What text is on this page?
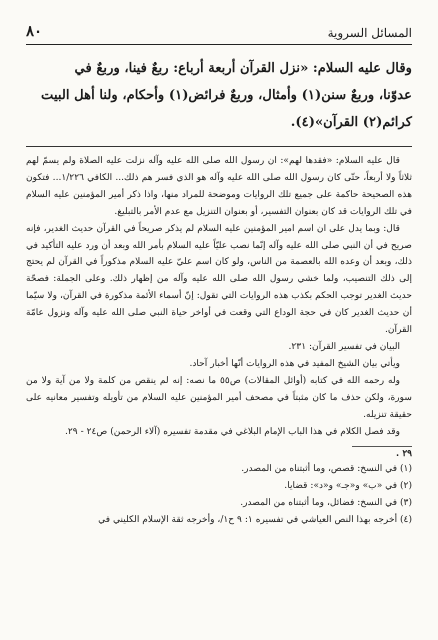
المسائل السروية
٨٠
وقال عليه السلام: «نزل القرآن أربعة أرباع: ربعٌ فينا، وربعٌ في
عدوّنا، وربعٌ سنن(١) وأمثال، وربعٌ فرائض(١) وأحكام، ولنا أهل البيت
كرائم(٢) القرآن»(٤).

قال عليه السلام: «فقدها لهم»: ان رسول الله صلى الله عليه وآله نزلت عليه الصلاة ولم يسمّ لهم ثلاثاً ولا أربعاً، حتّى كان رسول الله صلى الله عليه وآله هو الذي فسر هم ذلك... الكافي ١/٢٢٦... فتكون هذه الصحيحة حاكمة على جميع تلك الروايات وموضحة للمراد منها، واذا ذكر أمير المؤمنين عليه السلام في تلك الروايات قد كان بعنوان التفسير، أو بعنوان التنزيل مع عدم الأمر بالتبليغ.

قال: وبما يدل على ان اسم امير المؤمنين عليه السلام لم يذكر صريحاً في القرآن حديث الغدير، فإنه صريح في أن النبي صلى الله عليه وآله إنّما نصب عليّاً عليه السلام بأمر الله وبعد أن ورد عليه التأكيد في ذلك، وبعد أن وعده الله بالعصمة من الناس، ولو كان اسم عليّ عليه السلام مذكوراً في القرآن لم يحتج إلى ذلك التنصيب، ولما خشي رسول الله صلى الله عليه وآله من إظهار ذلك. وعلى الجملة: فصحّة حديث الغدير توجب الحكم بكذب هذه الروايات التي تقول: إنّ أسماء الأئمة مذكورة في القرآن، ولا سيّما أن حديث الغدير كان في حجة الوداع التي وقعت في أواخر حياة النبي صلى الله عليه وآله ونزول عامّة القرآن.

البيان في تفسير القرآن: ٢٣١.

ويأتي بيان الشيخ المفيد في هذه الروايات أنّها أخبار آحاد.

وله رحمه الله في كتابه (أوائل المقالات) ص٥٥ ما نصه: إنه لم ينقص من كلمة ولا من آية ولا من سورة، ولكن حذف ما كان مثبتاً في مصحف أمير المؤمنين عليه السلام من تأويله وتفسير معانيه على حقيقة تنزيله.

وقد فصل الكلام في هذا الباب الإمام البلاغي في مقدمة تفسيره (آلاء الرحمن) ص٢٤ - ٢٩.

٢٩ .

(١) في النسخ: قصص، وما أثبتناه من المصدر.

(٢) في «ب» و«جـ» و«د»: قضايا.

(٣) في النسخ: فضائل، وما أثبتناه من المصدر.

(٤) أخرجه بهذا النص العياشي في تفسيره ١: ٩ ح١/، وأخرجه ثقة الإسلام الكليني في
